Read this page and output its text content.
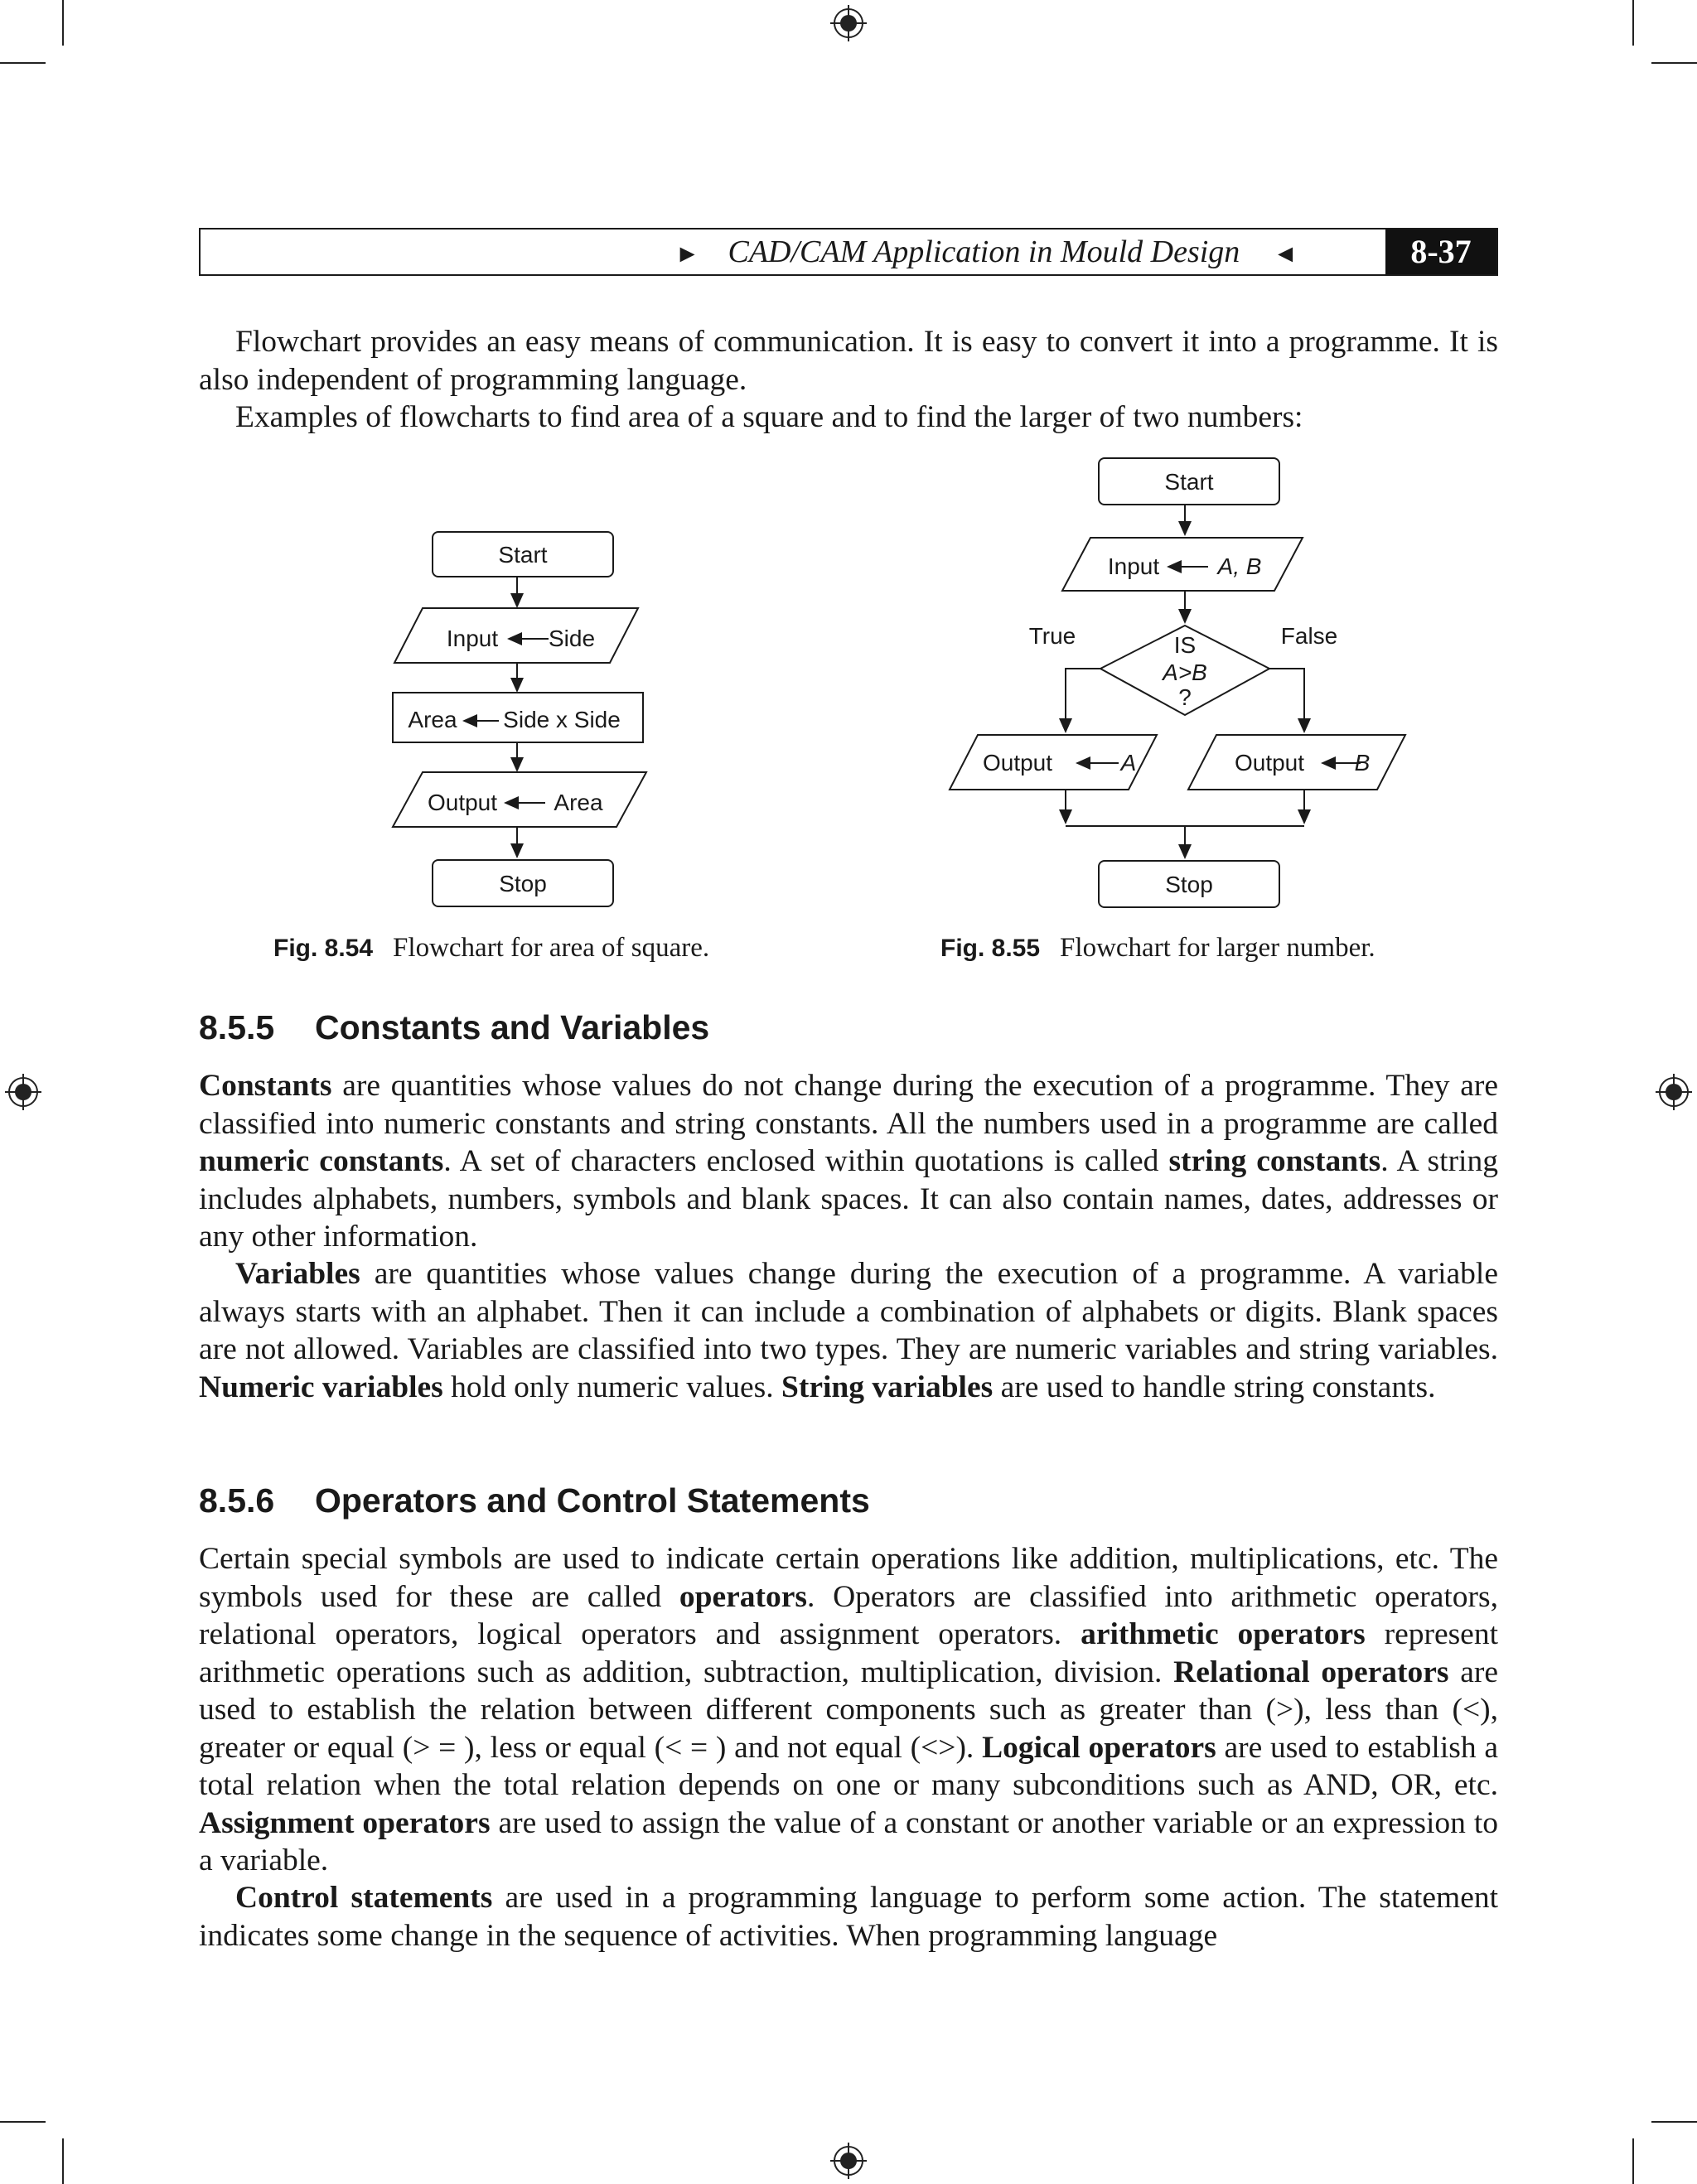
► CAD/CAM Application in Mould Design ◄	8-37

Flowchart provides an easy means of communication. It is easy to convert it into a programme. It is also independent of programming language.

Examples of flowcharts to find area of a square and to find the larger of two numbers:

Start
Input Side
Area Side x Side
Output Area
Stop
Fig. 8.54 Flowchart for area of square.
Start
Input	A, B
IS
A>B
?
True	False
Output	A	Output B
Stop
Fig. 8.55 Flowchart for larger number.
8.5.5 Constants and Variables

Constants are quantities whose values do not change during the execution of a programme. They are classified into numeric constants and string constants. All the numbers used in a programme are called numeric constants. A set of characters enclosed within quotations is called string constants. A string includes alphabets, numbers, symbols and blank spaces. It can also contain names, dates, addresses or any other information.

Variables are quantities whose values change during the execution of a programme. A variable always starts with an alphabet. Then it can include a combination of alphabets or digits. Blank spaces are not allowed. Variables are classified into two types. They are numeric variables and string variables. Numeric variables hold only numeric values. String variables are used to handle string constants.

8.5.6 Operators and Control Statements

Certain special symbols are used to indicate certain operations like addition, multiplications, etc. The symbols used for these are called operators. Operators are classified into arithmetic operators, relational operators, logical operators and assignment operators. arithmetic operators represent arithmetic operations such as addition, subtraction, multiplication, division. Relational operators are used to establish the relation between different components such as greater than (>), less than (<), greater or equal (> = ), less or equal (< = ) and not equal (<>). Logical operators are used to establish a total relation when the total relation depends on one or many subconditions such as AND, OR, etc. Assignment operators are used to assign the value of a constant or another variable or an expression to a variable.

Control statements are used in a programming language to perform some action. The statement indicates some change in the sequence of activities. When programming language
